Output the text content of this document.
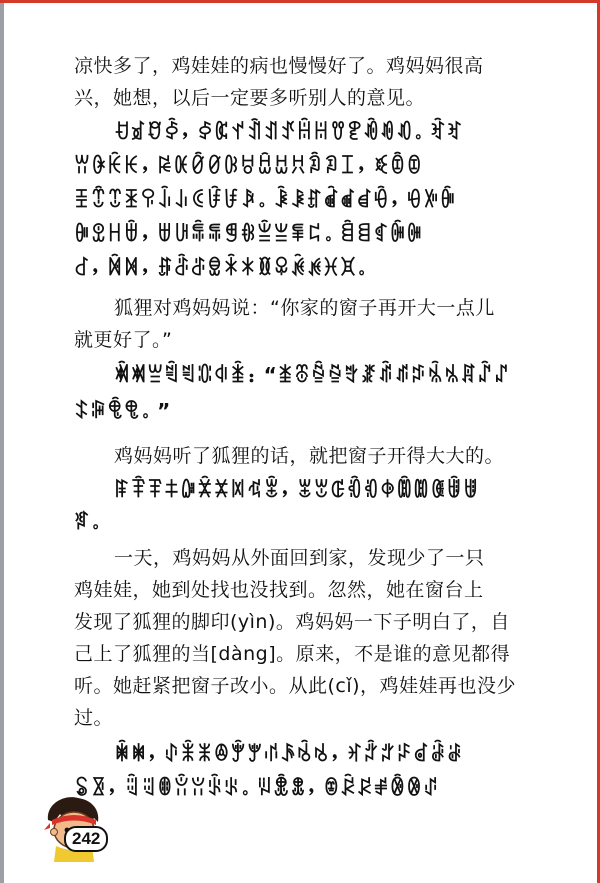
凉快多了，鸡娃娃的病也慢慢好了。鸡妈妈很高
兴，她想，以后一定要多听别人的意见。
ꀀꀃꀄꀅ，ꀆꀇꀈꀉꀊꀋꀌꀍꀎꀏꀐꀑꀒ。ꀓꀔ
ꀕꀖꀗꀘ，ꀙꀚꀛꀜꀝꀞꀟꀠꀡꀢꀣꀤ，ꀥꀦꀧ
ꀨꀩꀪꀫꀬꀭꀮꀯꀰꀱꀲ。ꀳꀴꀵꀶꀷꀸꀹ，ꀺꀻꀼ
ꀽꀾꀿꁀ，ꁁꁂꁃꁄꁅꁆꁇꁈꁉꁊ。ꁋꁌꁍꁎꁏ
ꁐ，ꁑꁒ，ꁓꁔꁕꁖꁗꁘꁙꁚꁛꁜꁝꁞ。
狐狸对鸡妈妈说：“你家的窗子再开大一点儿
就更好了。”
ꁟꁠꁡꁢꁣꁤꁥꁦ：“ꁧꁨꁩꁪꁫꁬꁭꁮꁯꁰꁱꁲꁳꁴ
ꁵꁶꁷꁸ。”
鸡妈妈听了狐狸的话，就把窗子开得大大的。
ꁹꁺꁻꁼꁽꁾꁿꂀꂁꂂ，ꂃꂄꂅꂆꂇꂈꂉꂊꂋꂌꂍ
ꂎ。
一天，鸡妈妈从外面回到家，发现少了一只
鸡娃娃，她到处找也没找到。忽然，她在窗台上
发现了狐狸的脚印(yìn)。鸡妈妈一下子明白了，自
己上了狐狸的当[dàng]。原来，不是谁的意见都得
听。她赶紧把窗子改小。从此(cǐ)，鸡娃娃再也没少
过。
ꂏꂐ，ꂑꂒꂓꂔꂕꂖꂗꂘꂙꂚ，ꂛꂜꂝꂞꂟꂠꂡ
ꂢꂣ，ꂤꂥꂦꂧꂨꂩꂪ。ꂫꂬꂭ，ꂮꂯꂰꂱꂲꂳꂴ
242
